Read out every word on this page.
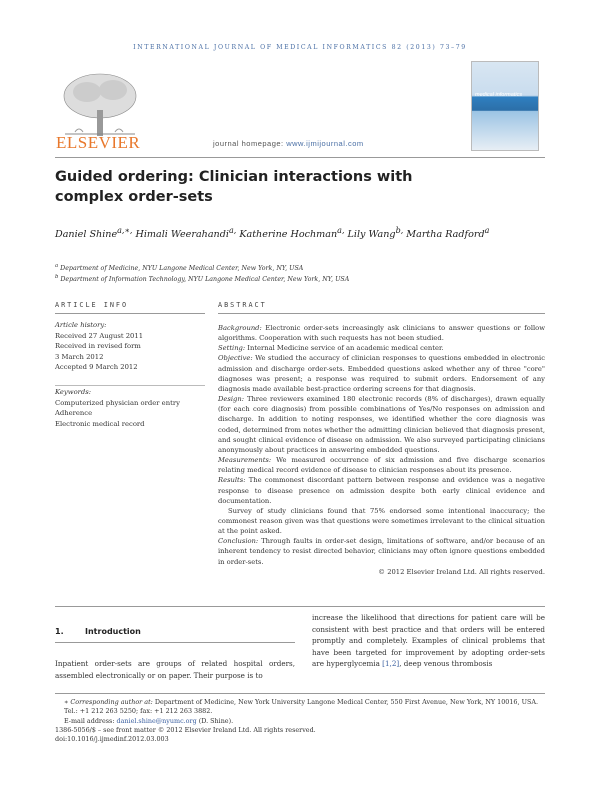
INTERNATIONAL JOURNAL OF MEDICAL INFORMATICS 82 (2013) 73–79
ELSEVIER	journal homepage: www.ijmijournal.com
medical informatics
Guided ordering: Clinician interactions with complex order-sets
Daniel Shine$^{a,∗,}$ Himali Weerahandi$^{a,}$ Katherine Hochman$^{a,}$ Lily Wang$^{b,}$ Martha Radford$^a$
$^a$ Department of Medicine, NYU Langone Medical Center, New York, NY, USA
$^b$ Department of Information Technology, NYU Langone Medical Center, New York, NY, USA
ARTICLE INFO	ABSTRACT
Article history:
Received 27 August 2011
Received in revised form
3 March 2012
Accepted 9 March 2012
Keywords:
Computerized physician order entry
Adherence
Electronic medical record

Background: Electronic order-sets increasingly ask clinicians to answer questions or follow algorithms. Cooperation with such requests has not been studied.

Setting: Internal Medicine service of an academic medical center.

Objective: We studied the accuracy of clinician responses to questions embedded in electronic admission and discharge order-sets. Embedded questions asked whether any of three "core" diagnoses was present; a response was required to submit orders. Endorsement of any diagnosis made available best-practice ordering screens for that diagnosis.

Design: Three reviewers examined 180 electronic records (8% of discharges), drawn equally (for each core diagnosis) from possible combinations of Yes/No responses on admission and discharge. In addition to noting responses, we identified whether the core diagnosis was coded, determined from notes whether the admitting clinician believed that diagnosis present, and sought clinical evidence of disease on admission. We also surveyed participating clinicians anonymously about practices in answering embedded questions.

Measurements: We measured occurrence of six admission and five discharge scenarios relating medical record evidence of disease to clinician responses about its presence.

Results: The commonest discordant pattern between response and evidence was a negative response to disease presence on admission despite both early clinical evidence and documentation.

Survey of study clinicians found that 75% endorsed some intentional inaccuracy; the commonest reason given was that questions were sometimes irrelevant to the clinical situation at the point asked.

Conclusion: Through faults in order-set design, limitations of software, and/or because of an inherent tendency to resist directed behavior, clinicians may often ignore questions embedded in order-sets.

© 2012 Elsevier Ireland Ltd. All rights reserved.

1.	Introduction
Inpatient order-sets are groups of related hospital orders, assembled electronically or on paper. Their purpose is to
increase the likelihood that directions for patient care will be consistent with best practice and that orders will be entered promptly and completely. Examples of clinical problems that have been targeted for improvement by adopting order-sets are hyperglycemia [1,2], deep venous thrombosis
∗ Corresponding author at: Department of Medicine, New York University Langone Medical Center, 550 First Avenue, New York, NY 10016, USA. Tel.: +1 212 263 5250; fax: +1 212 263 3882.
E-mail address: daniel.shine@nyumc.org (D. Shine).
1386-5056/$ – see front matter © 2012 Elsevier Ireland Ltd. All rights reserved.
doi:10.1016/j.ijmedinf.2012.03.003
